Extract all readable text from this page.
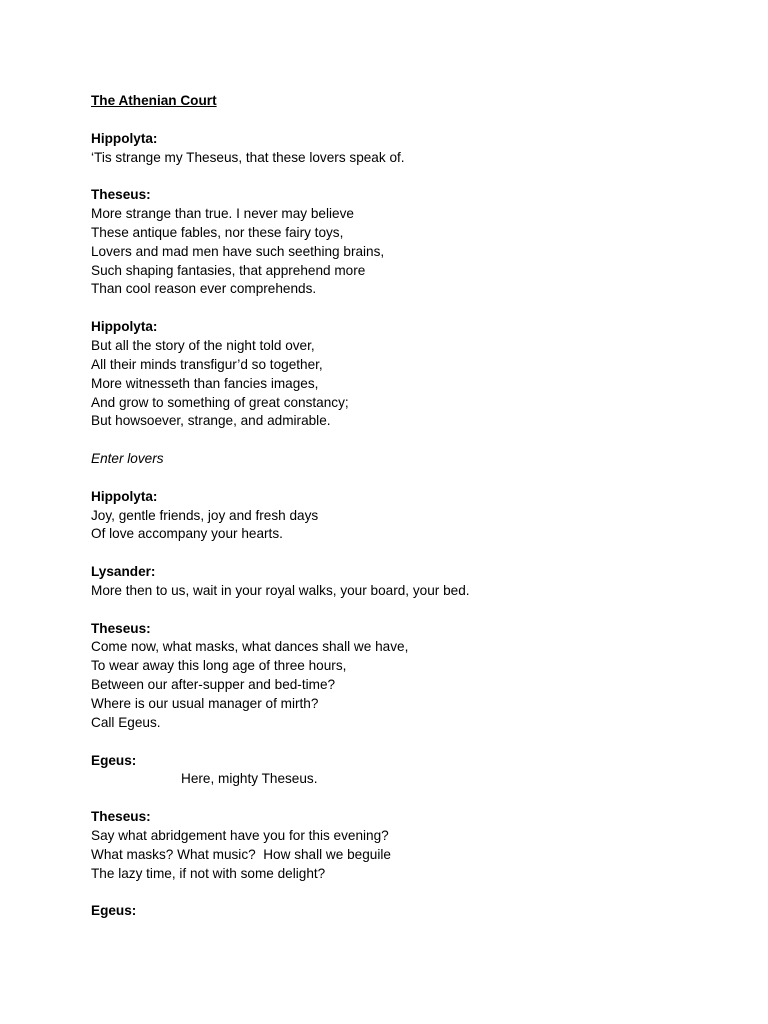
The Athenian Court
Hippolyta:
‘Tis strange my Theseus, that these lovers speak of.
Theseus:
More strange than true. I never may believe
These antique fables, nor these fairy toys,
Lovers and mad men have such seething brains,
Such shaping fantasies, that apprehend more
Than cool reason ever comprehends.
Hippolyta:
But all the story of the night told over,
All their minds transfigur’d so together,
More witnesseth than fancies images,
And grow to something of great constancy;
But howsoever, strange, and admirable.
Enter lovers
Hippolyta:
Joy, gentle friends, joy and fresh days
Of love accompany your hearts.
Lysander:
More then to us, wait in your royal walks, your board, your bed.
Theseus:
Come now, what masks, what dances shall we have,
To wear away this long age of three hours,
Between our after-supper and bed-time?
Where is our usual manager of mirth?
Call Egeus.
Egeus:
Here, mighty Theseus.
Theseus:
Say what abridgement have you for this evening?
What masks? What music?  How shall we beguile
The lazy time, if not with some delight?
Egeus:
